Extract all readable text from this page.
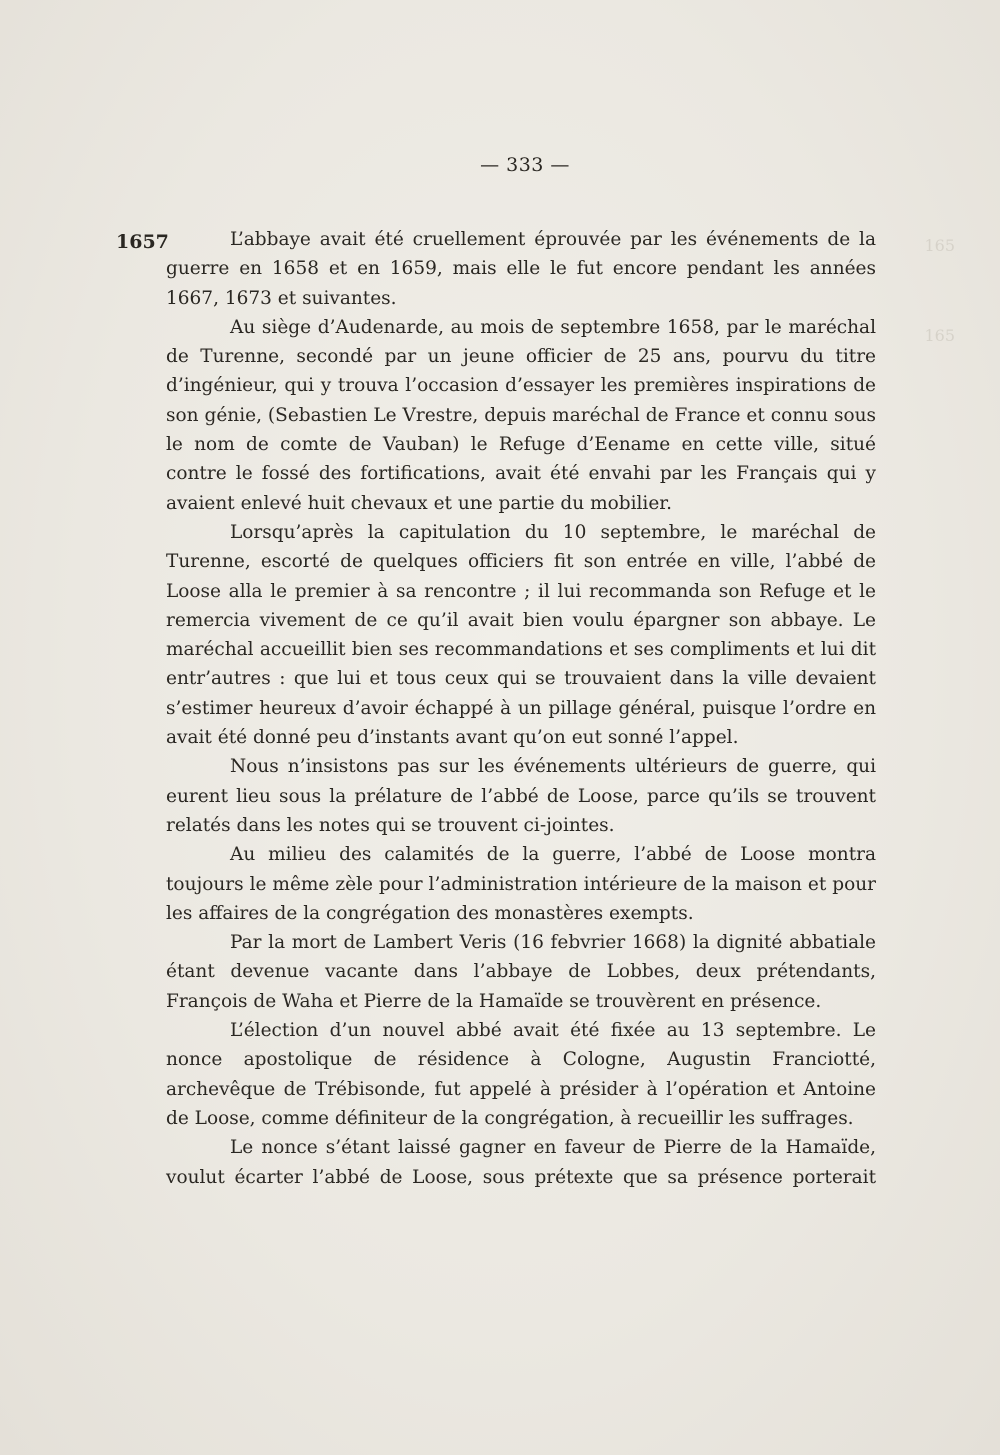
165
165
— 333 —
1657	L’abbaye avait été cruellement éprouvée par les événements de la guerre en 1658 et en 1659, mais elle le fut encore pendant les années 1667, 1673 et suivantes.

Au siège d’Audenarde, au mois de septembre 1658, par le maréchal de Turenne, secondé par un jeune officier de 25 ans, pourvu du titre d’ingénieur, qui y trouva l’occasion d’essayer les premières inspirations de son génie, (Sebastien Le Vrestre, depuis maréchal de France et connu sous le nom de comte de Vauban) le Refuge d’Eename en cette ville, situé contre le fossé des fortifications, avait été envahi par les Français qui y avaient enlevé huit chevaux et une partie du mobilier.

Lorsqu’après la capitulation du 10 septembre, le maréchal de Turenne, escorté de quelques officiers fit son entrée en ville, l’abbé de Loose alla le premier à sa rencontre ; il lui recommanda son Refuge et le remercia vivement de ce qu’il avait bien voulu épargner son abbaye. Le maréchal accueillit bien ses recommandations et ses compliments et lui dit entr’autres : que lui et tous ceux qui se trouvaient dans la ville devaient s’estimer heureux d’avoir échappé à un pillage général, puisque l’ordre en avait été donné peu d’instants avant qu’on eut sonné l’appel.

Nous n’insistons pas sur les événements ultérieurs de guerre, qui eurent lieu sous la prélature de l’abbé de Loose, parce qu’ils se trouvent relatés dans les notes qui se trouvent ci-jointes.

Au milieu des calamités de la guerre, l’abbé de Loose montra toujours le même zèle pour l’administration intérieure de la maison et pour les affaires de la congrégation des monastères exempts.

Par la mort de Lambert Veris (16 febvrier 1668) la dignité abbatiale étant devenue vacante dans l’abbaye de Lobbes, deux prétendants, François de Waha et Pierre de la Hamaïde se trouvèrent en présence.

L’élection d’un nouvel abbé avait été fixée au 13 septembre. Le nonce apostolique de résidence à Cologne, Augustin Franciotté, archevêque de Trébisonde, fut appelé à présider à l’opération et Antoine de Loose, comme définiteur de la congrégation, à recueillir les suffrages.

Le nonce s’étant laissé gagner en faveur de Pierre de la Hamaïde, voulut écarter l’abbé de Loose, sous prétexte que sa présence porterait
